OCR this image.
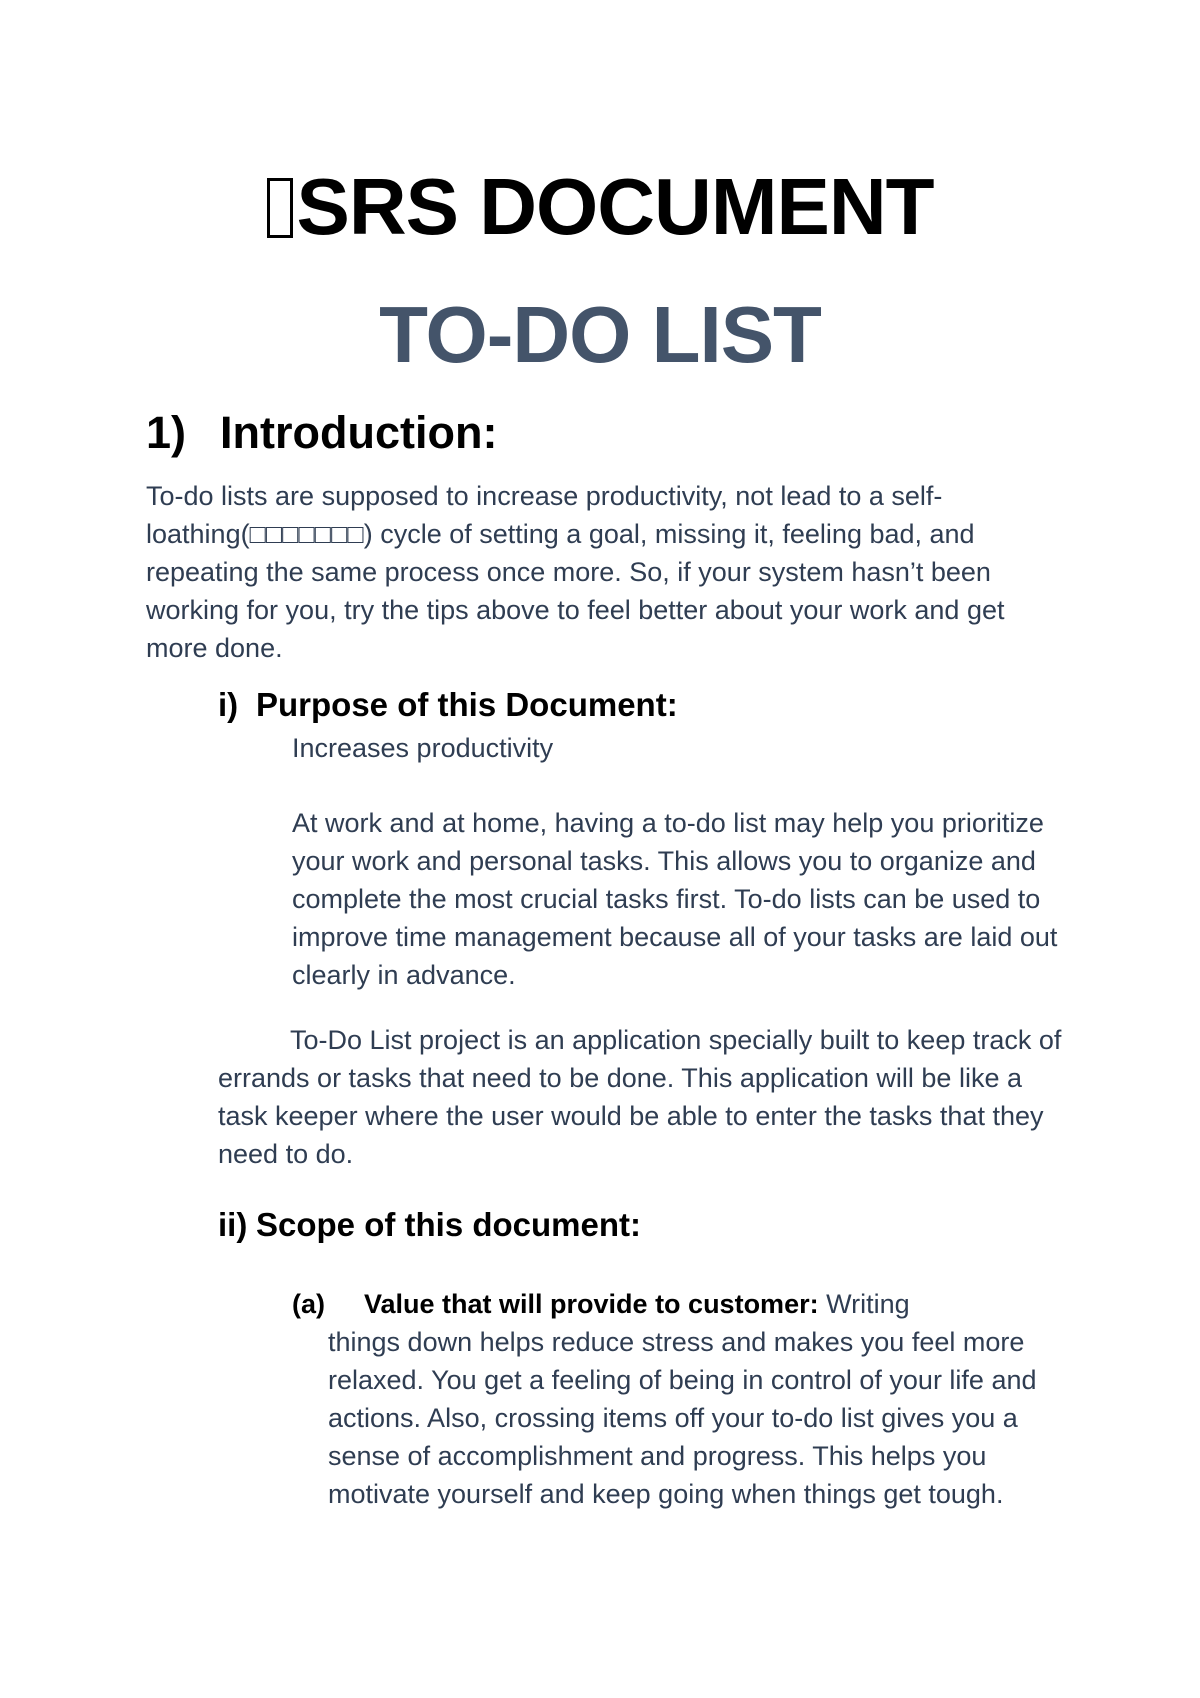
SRS DOCUMENT
TO-DO LIST
1) Introduction:
To-do lists are supposed to increase productivity, not lead to a self-loathing(□□□□□□□) cycle of setting a goal, missing it, feeling bad, and repeating the same process once more. So, if your system hasn’t been working for you, try the tips above to feel better about your work and get more done.
i) Purpose of this Document:
Increases productivity
At work and at home, having a to-do list may help you prioritize your work and personal tasks. This allows you to organize and complete the most crucial tasks first. To-do lists can be used to improve time management because all of your tasks are laid out clearly in advance.
To-Do List project is an application specially built to keep track of errands or tasks that need to be done. This application will be like a task keeper where the user would be able to enter the tasks that they need to do.
ii) Scope of this document:
(a) Value that will provide to customer: Writing
things down helps reduce stress and makes you feel more relaxed. You get a feeling of being in control of your life and actions. Also, crossing items off your to-do list gives you a sense of accomplishment and progress. This helps you motivate yourself and keep going when things get tough.
